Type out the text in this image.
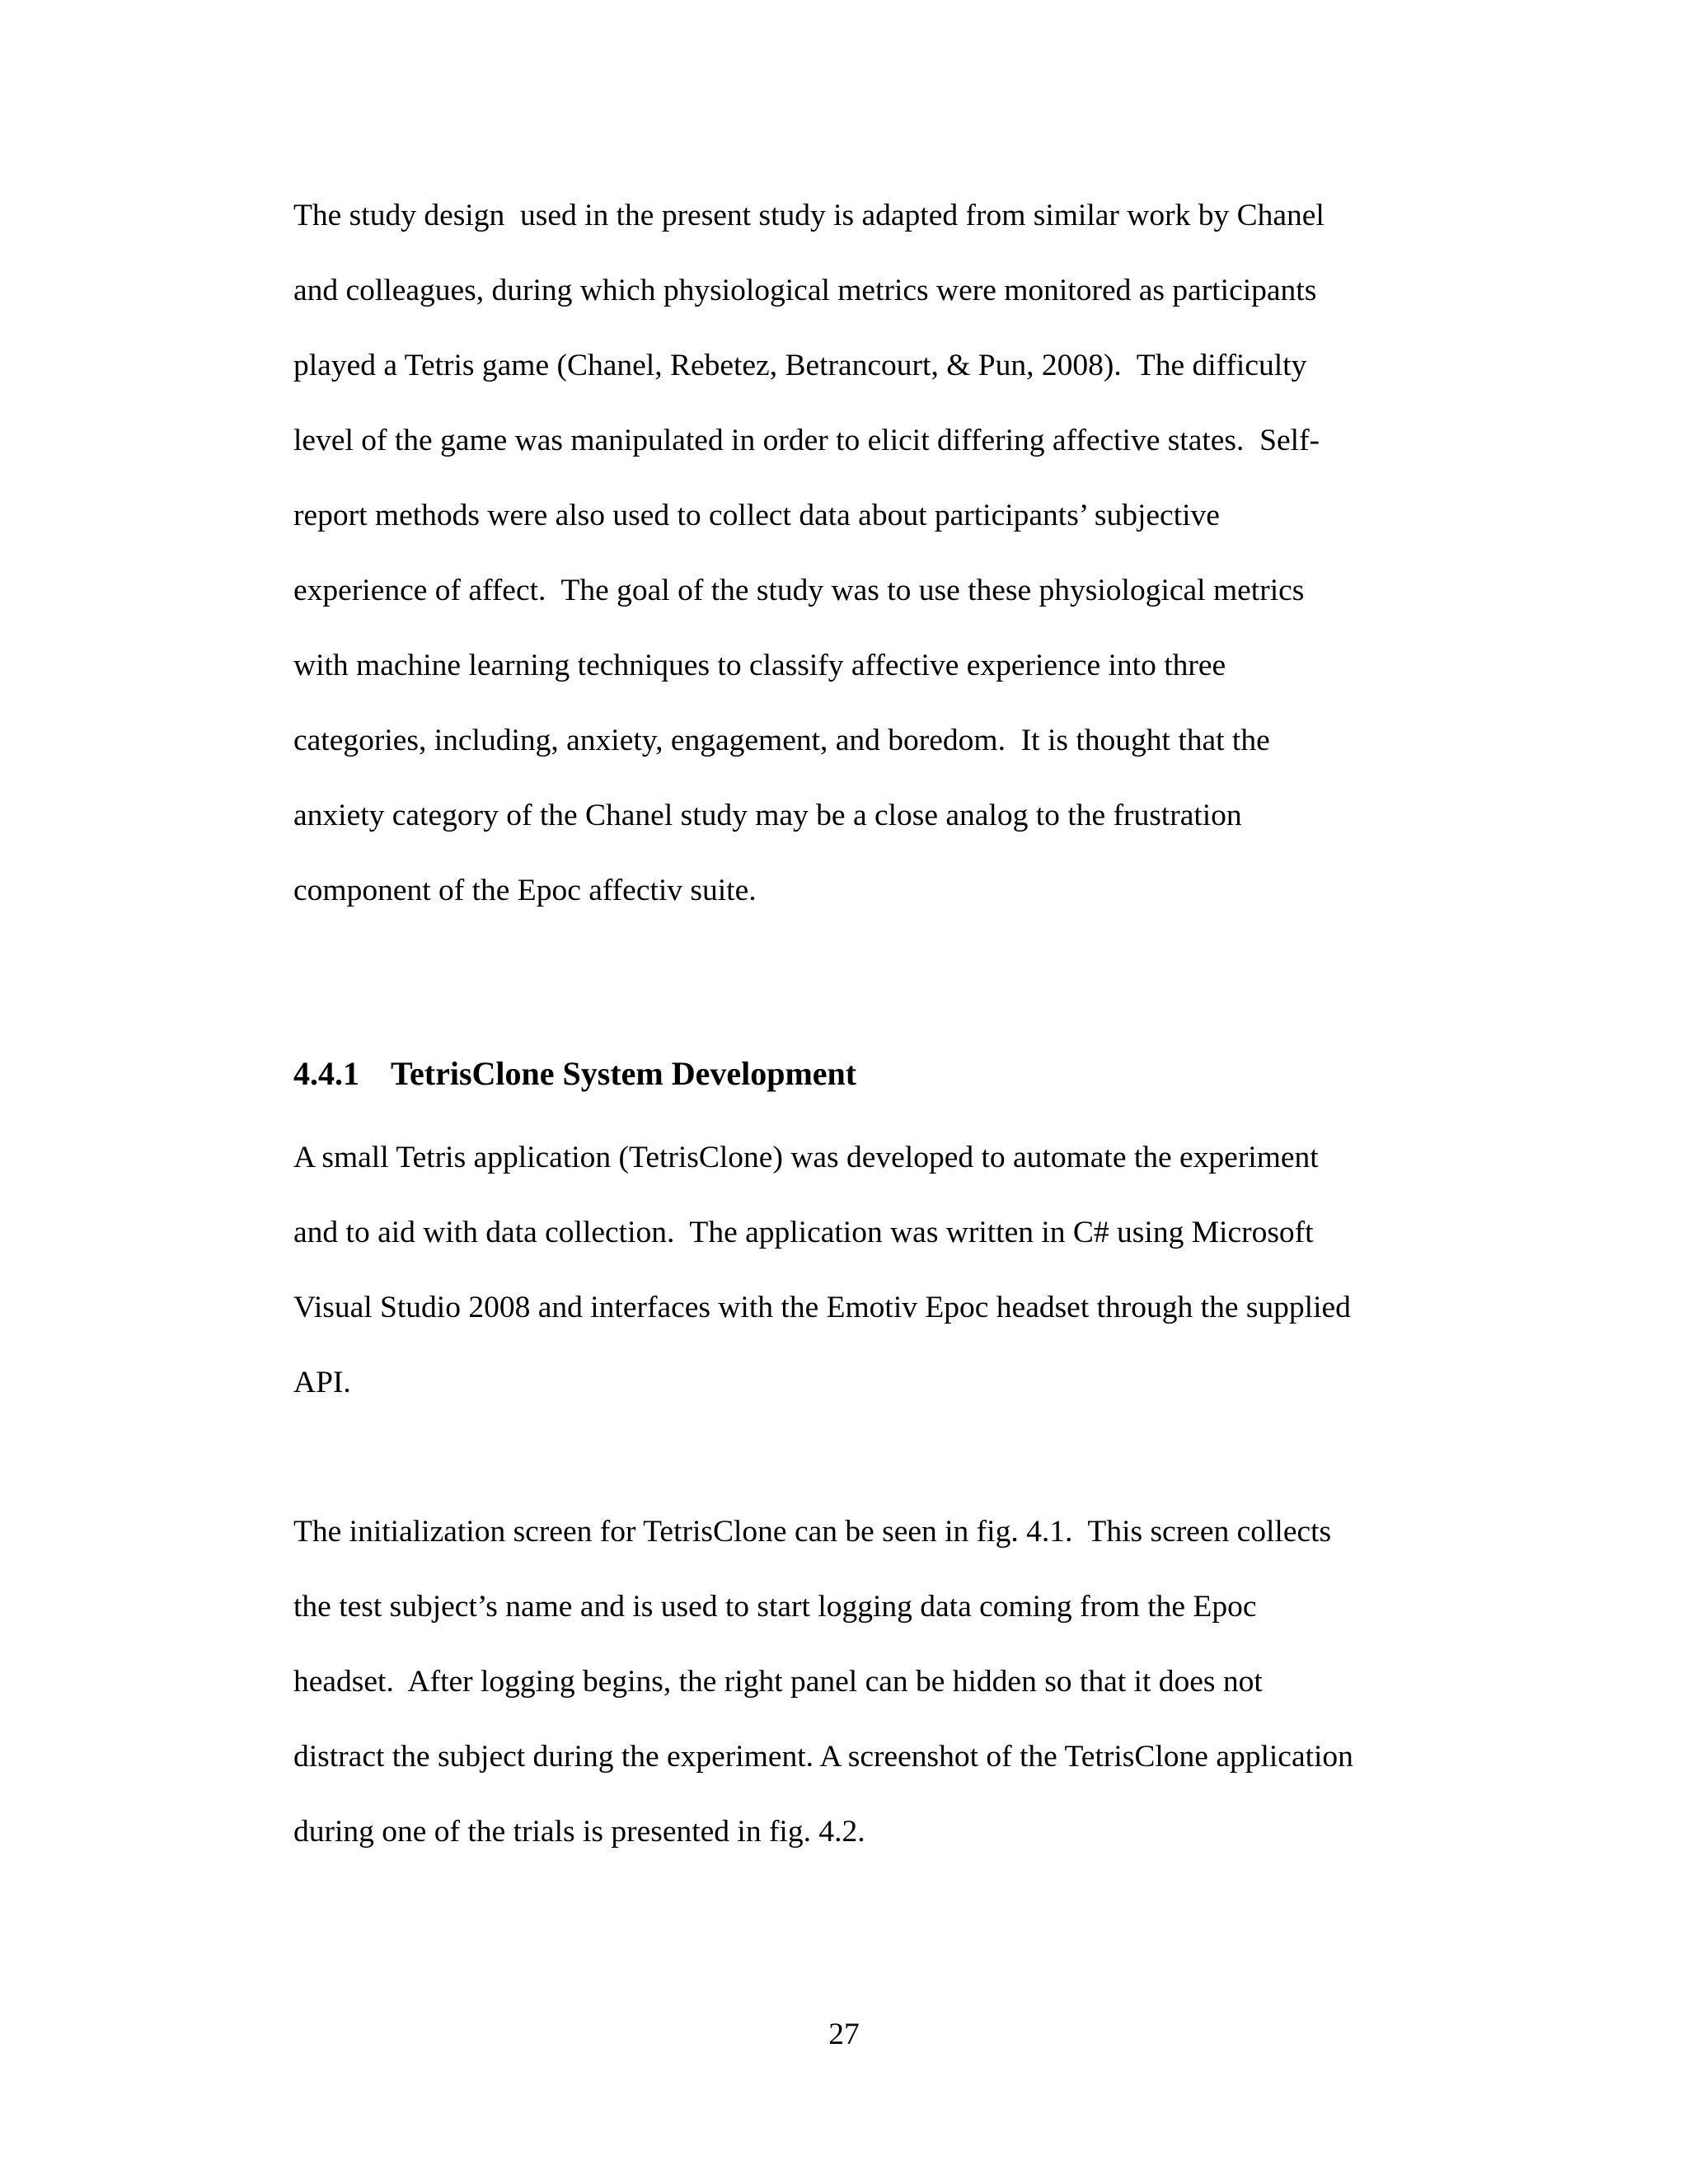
The study design  used in the present study is adapted from similar work by Chanel

and colleagues, during which physiological metrics were monitored as participants

played a Tetris game (Chanel, Rebetez, Betrancourt, & Pun, 2008).  The difficulty

level of the game was manipulated in order to elicit differing affective states.  Self-

report methods were also used to collect data about participants’ subjective

experience of affect.  The goal of the study was to use these physiological metrics

with machine learning techniques to classify affective experience into three

categories, including, anxiety, engagement, and boredom.  It is thought that the

anxiety category of the Chanel study may be a close analog to the frustration

component of the Epoc affectiv suite.

4.4.1 TetrisClone System Development

A small Tetris application (TetrisClone) was developed to automate the experiment

and to aid with data collection.  The application was written in C# using Microsoft

Visual Studio 2008 and interfaces with the Emotiv Epoc headset through the supplied

API.

The initialization screen for TetrisClone can be seen in fig. 4.1.  This screen collects

the test subject’s name and is used to start logging data coming from the Epoc

headset.  After logging begins, the right panel can be hidden so that it does not

distract the subject during the experiment. A screenshot of the TetrisClone application

during one of the trials is presented in fig. 4.2.

27
